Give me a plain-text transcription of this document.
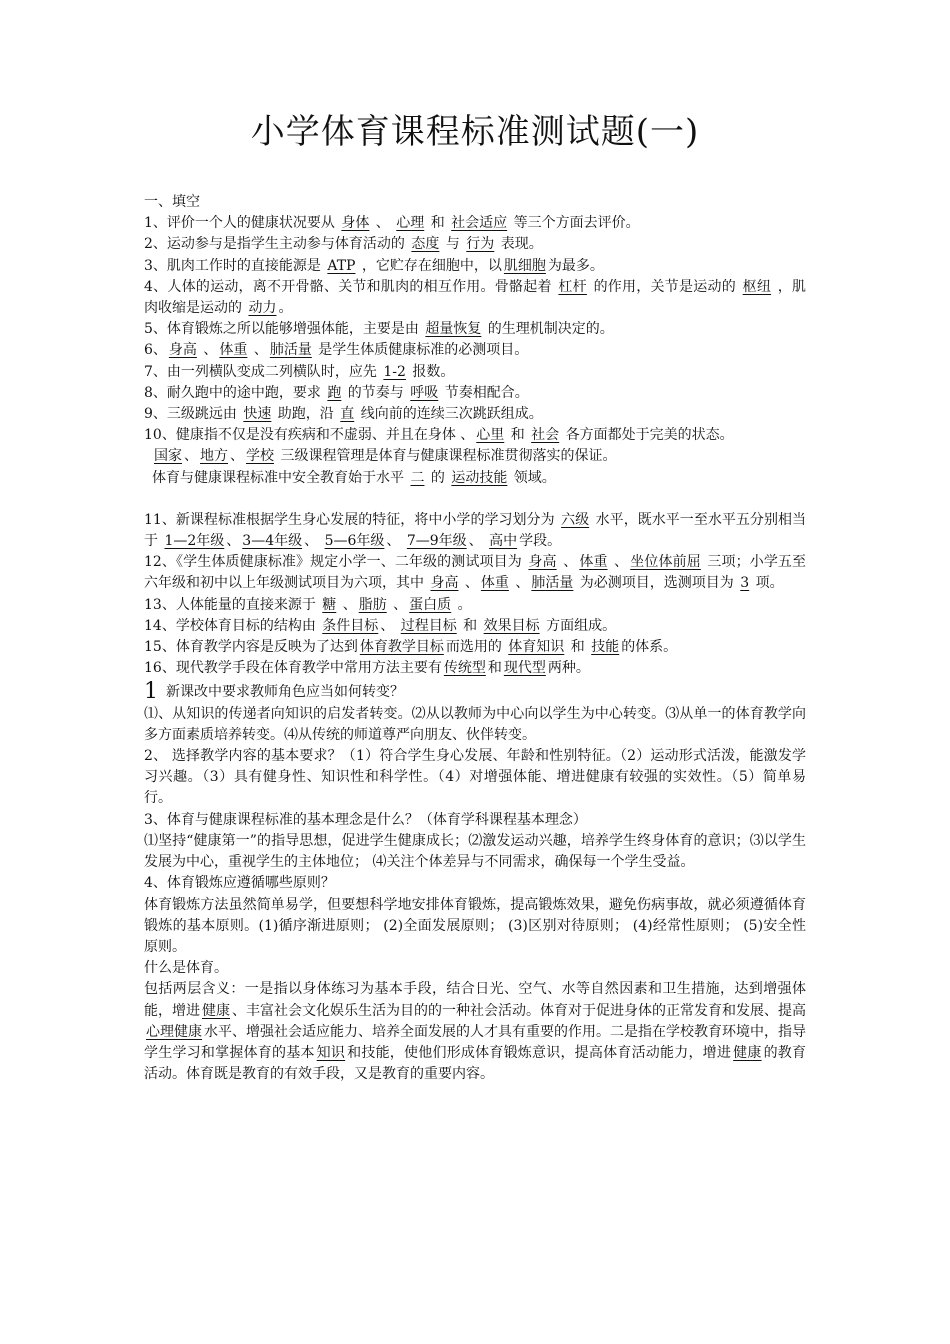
小学体育课程标准测试题(一)

一、填空

1、评价一个人的健康状况要从 身体 、 心理 和 社会适应 等三个方面去评价。

2、运动参与是指学生主动参与体育活动的 态度 与 行为 表现。

3、肌肉工作时的直接能源是 ATP ，它贮存在细胞中，以 肌细胞 为最多。

4、人体的运动，离不开骨骼、关节和肌肉的相互作用。骨骼起着 杠杆 的作用，关节是运动的 枢纽 ，肌肉收缩是运动的 动力 。

5、体育锻炼之所以能够增强体能，主要是由 超量恢复 的生理机制决定的。

6、 身高 、 体重 、 肺活量 是学生体质健康标准的必测项目。

7、由一列横队变成二列横队时，应先 1-2 报数。

8、耐久跑中的途中跑，要求 跑 的节奏与 呼吸 节奏相配合。

9、三级跳远由 快速 助跑，沿 直 线向前的连续三次跳跃组成。

10、健康指不仅是没有疾病和不虚弱、并且在身体 、 心里 和 社会 各方面都处于完美的状态。

国家 、 地方 、 学校 三级课程管理是体育与健康课程标准贯彻落实的保证。

体育与健康课程标准中安全教育始于水平 二 的 运动技能 领域。

11、新课程标准根据学生身心发展的特征，将中小学的学习划分为 六级 水平，既水平一至水平五分别相当于 1—2年级 、 3—4年级 、 5—6年级 、 7—9年级 、 高中 学段。

12、《学生体质健康标准》规定小学一、二年级的测试项目为 身高 、 体重 、 坐位体前屈 三项；小学五至六年级和初中以上年级测试项目为六项，其中 身高 、 体重 、 肺活量 为必测项目，选测项目为 3 项。

13、人体能量的直接来源于 糖 、 脂肪 、 蛋白质 。

14、学校体育目标的结构由 条件目标 、 过程目标 和 效果目标 方面组成。

15、体育教学内容是反映为了达到 体育教学目标 而选用的 体育知识 和 技能 的体系。

16、现代教学手段在体育教学中常用方法主要有 传统型 和 现代型 两种。

1 新课改中要求教师角色应当如何转变？

⑴、从知识的传递者向知识的启发者转变。⑵从以教师为中心向以学生为中心转变。⑶从单一的体育教学向多方面素质培养转变。⑷从传统的师道尊严向朋友、伙伴转变。

2、 选择教学内容的基本要求？（1）符合学生身心发展、年龄和性别特征。（2）运动形式活泼，能激发学习兴趣。（3）具有健身性、知识性和科学性。（4）对增强体能、增进健康有较强的实效性。（5）简单易行。

3、体育与健康课程标准的基本理念是什么？（体育学科课程基本理念）

⑴坚持“健康第一”的指导思想，促进学生健康成长；⑵激发运动兴趣，培养学生终身体育的意识；⑶以学生发展为中心，重视学生的主体地位； ⑷关注个体差异与不同需求，确保每一个学生受益。

4、体育锻炼应遵循哪些原则？

体育锻炼方法虽然简单易学，但要想科学地安排体育锻炼，提高锻炼效果，避免伤病事故，就必须遵循体育锻炼的基本原则。(1)循序渐进原则； (2)全面发展原则； (3)区别对待原则； (4)经常性原则； (5)安全性原则。

什么是体育。

包括两层含义：一是指以身体练习为基本手段，结合日光、空气、水等自然因素和卫生措施，达到增强体能，增进 健康 、丰富社会文化娱乐生活为目的的一种社会活动。体育对于促进身体的正常发育和发展、提高心理健康 水平、增强社会适应能力、培养全面发展的人才具有重要的作用。二是指在学校教育环境中，指导学生学习和掌握体育的基本 知识 和技能，使他们形成体育锻炼意识，提高体育活动能力，增进 健康 的教育活动。体育既是教育的有效手段，又是教育的重要内容。
